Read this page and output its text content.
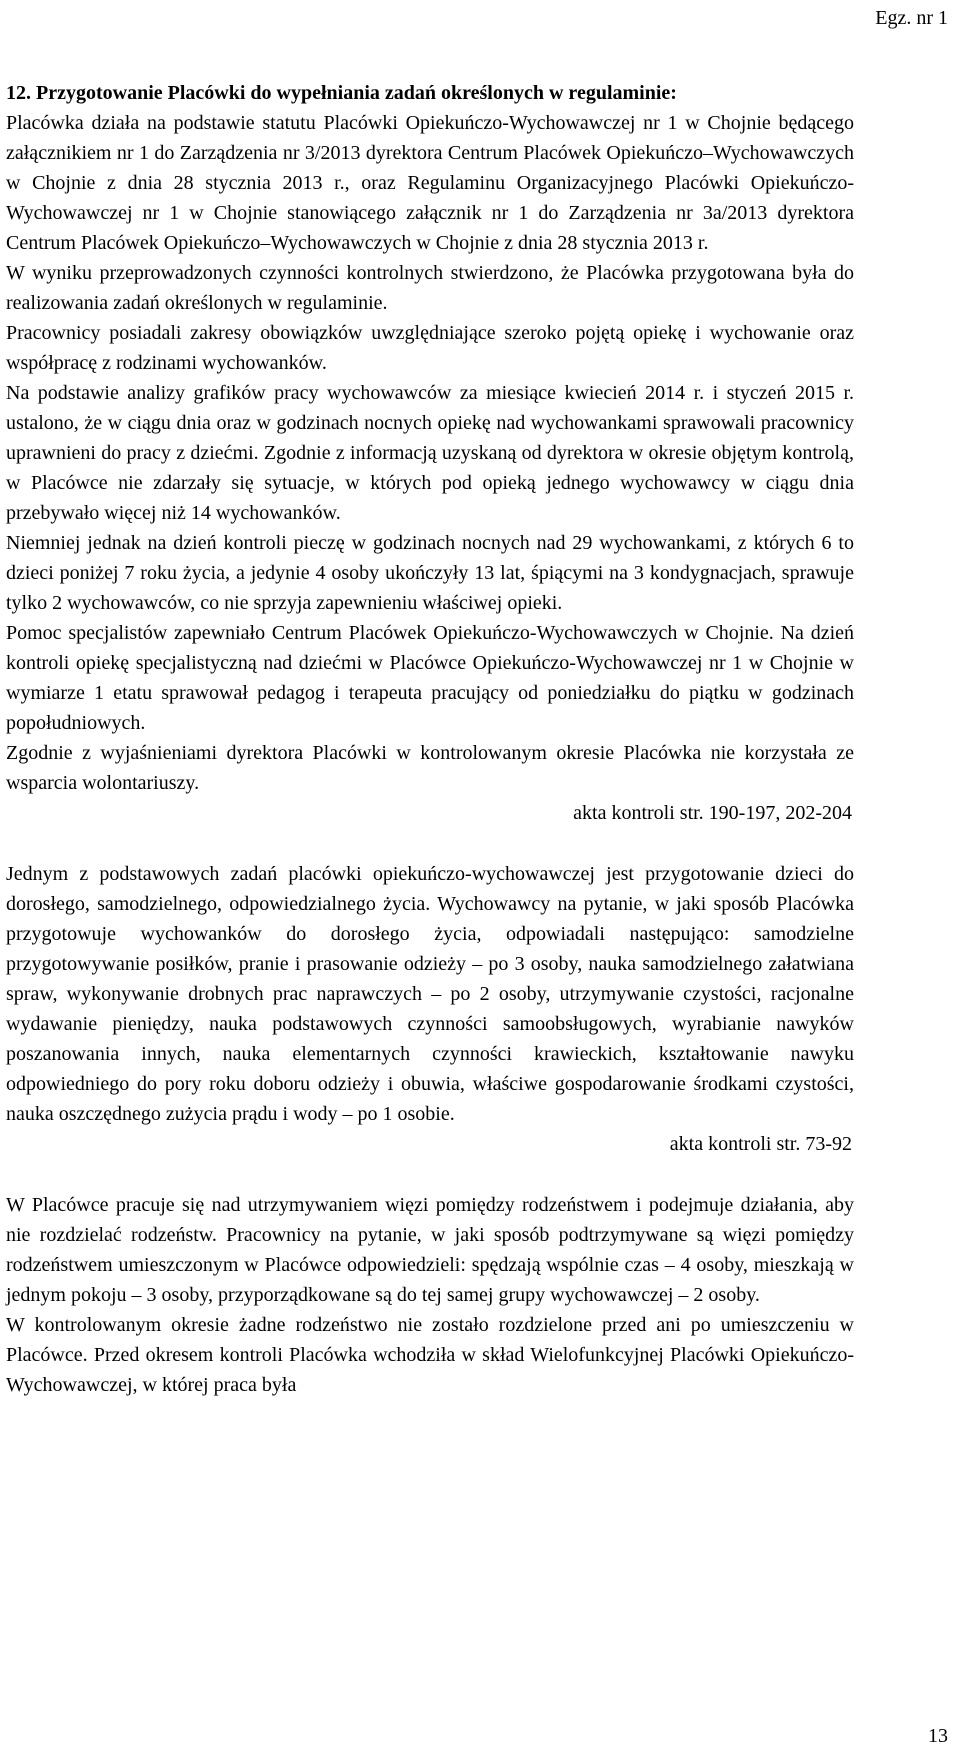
Egz. nr 1

12. Przygotowanie Placówki do wypełniania zadań określonych w regulaminie:

Placówka działa na podstawie statutu Placówki Opiekuńczo-Wychowawczej nr 1 w Chojnie będącego załącznikiem nr 1 do Zarządzenia nr 3/2013 dyrektora Centrum Placówek Opiekuńczo–Wychowawczych w Chojnie z dnia 28 stycznia 2013 r., oraz Regulaminu Organizacyjnego Placówki Opiekuńczo-Wychowawczej nr 1 w Chojnie stanowiącego załącznik nr 1 do Zarządzenia nr 3a/2013 dyrektora Centrum Placówek Opiekuńczo–Wychowawczych w Chojnie z dnia 28 stycznia 2013 r.

W wyniku przeprowadzonych czynności kontrolnych stwierdzono, że Placówka przygotowana była do realizowania zadań określonych w regulaminie.

Pracownicy posiadali zakresy obowiązków uwzględniające szeroko pojętą opiekę i wychowanie oraz współpracę z rodzinami wychowanków.

Na podstawie analizy grafików pracy wychowawców za miesiące kwiecień 2014 r. i styczeń 2015 r. ustalono, że w ciągu dnia oraz w godzinach nocnych opiekę nad wychowankami sprawowali pracownicy uprawnieni do pracy z dziećmi. Zgodnie z informacją uzyskaną od dyrektora w okresie objętym kontrolą, w Placówce nie zdarzały się sytuacje, w których pod opieką jednego wychowawcy w ciągu dnia przebywało więcej niż 14 wychowanków.

Niemniej jednak na dzień kontroli pieczę w godzinach nocnych nad 29 wychowankami, z których 6 to dzieci poniżej 7 roku życia, a jedynie 4 osoby ukończyły 13 lat, śpiącymi na 3 kondygnacjach, sprawuje tylko 2 wychowawców, co nie sprzyja zapewnieniu właściwej opieki.

Pomoc specjalistów zapewniało Centrum Placówek Opiekuńczo-Wychowawczych w Chojnie. Na dzień kontroli opiekę specjalistyczną nad dziećmi w Placówce Opiekuńczo-Wychowawczej nr 1 w Chojnie w wymiarze 1 etatu sprawował pedagog i terapeuta pracujący od poniedziałku do piątku w godzinach popołudniowych.

Zgodnie z wyjaśnieniami dyrektora Placówki w kontrolowanym okresie Placówka nie korzystała ze wsparcia wolontariuszy.

akta kontroli str. 190-197, 202-204

Jednym z podstawowych zadań placówki opiekuńczo-wychowawczej jest przygotowanie dzieci do dorosłego, samodzielnego, odpowiedzialnego życia. Wychowawcy na pytanie, w jaki sposób Placówka przygotowuje wychowanków do dorosłego życia, odpowiadali następująco: samodzielne przygotowywanie posiłków, pranie i prasowanie odzieży – po 3 osoby, nauka samodzielnego załatwiana spraw, wykonywanie drobnych prac naprawczych – po 2 osoby, utrzymywanie czystości, racjonalne wydawanie pieniędzy, nauka podstawowych czynności samoobsługowych, wyrabianie nawyków poszanowania innych, nauka elementarnych czynności krawieckich, kształtowanie nawyku odpowiedniego do pory roku doboru odzieży i obuwia, właściwe gospodarowanie środkami czystości, nauka oszczędnego zużycia prądu i wody – po 1 osobie.

akta kontroli str. 73-92

W Placówce pracuje się nad utrzymywaniem więzi pomiędzy rodzeństwem i podejmuje działania, aby nie rozdzielać rodzeństw. Pracownicy na pytanie, w jaki sposób podtrzymywane są więzi pomiędzy rodzeństwem umieszczonym w Placówce odpowiedzieli: spędzają wspólnie czas – 4 osoby, mieszkają w jednym pokoju – 3 osoby, przyporządkowane są do tej samej grupy wychowawczej – 2 osoby.

W kontrolowanym okresie żadne rodzeństwo nie zostało rozdzielone przed ani po umieszczeniu w Placówce. Przed okresem kontroli Placówka wchodziła w skład Wielofunkcyjnej Placówki Opiekuńczo-Wychowawczej, w której praca była

13
